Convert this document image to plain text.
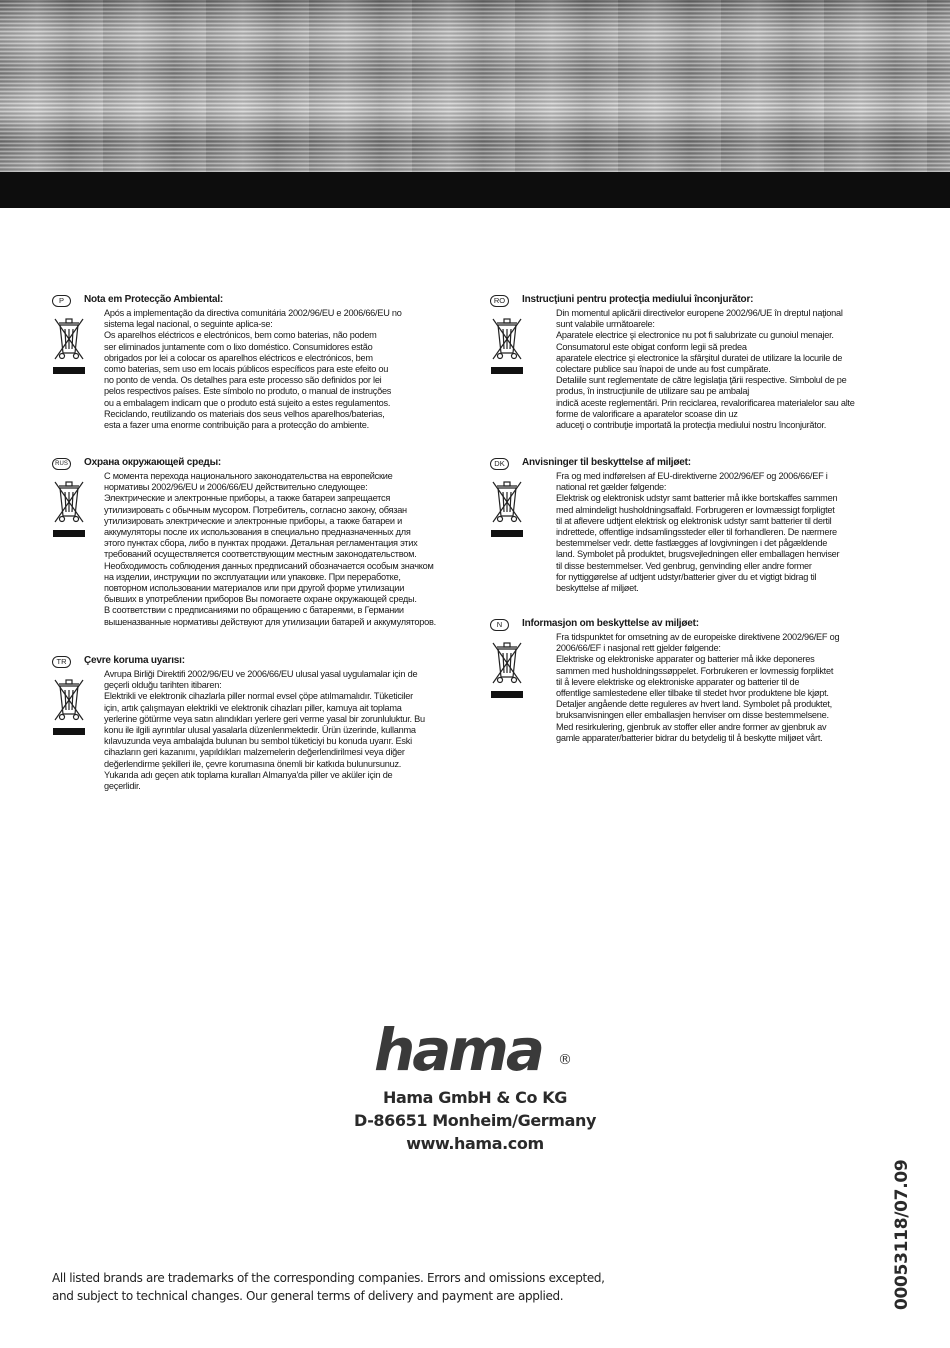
P	Nota em Protecção Ambiental:
Após a implementação da directiva comunitária 2002/96/EU e 2006/66/EU no
sistema legal nacional, o seguinte aplica-se:
Os aparelhos eléctricos e electrónicos, bem como baterias, não podem
ser eliminados juntamente com o lixo doméstico. Consumidores estão
obrigados por lei a colocar os aparelhos eléctricos e electrónicos, bem
como baterias, sem uso em locais públicos específicos para este efeito ou
no ponto de venda. Os detalhes para este processo são definidos por lei
pelos respectivos países. Este símbolo no produto, o manual de instruções
ou a embalagem indicam que o produto está sujeito a estes regulamentos.
Reciclando, reutilizando os materiais dos seus velhos aparelhos/baterias,
esta a fazer uma enorme contribuição para a protecção do ambiente.
RUS	Охрана окружающей среды:
С момента перехода национального законодательства на европейские
нормативы 2002/96/EU и 2006/66/EU действительно следующее:
Электрические и электронные приборы, а также батареи запрещается
утилизировать с обычным мусором. Потребитель, согласно закону, обязан
утилизировать электрические и электронные приборы, а также батареи и
аккумуляторы после их использования в специально предназначенных для
этого пунктах сбора, либо в пунктах продажи. Детальная регламентация этих
требований осуществляется соответствующим местным законодательством.
Необходимость соблюдения данных предписаний обозначается особым значком
на изделии, инструкции по эксплуатации или упаковке. При переработке,
повторном использовании материалов или при другой форме утилизации
бывших в употреблении приборов Вы помогаете охране окружающей среды.
В соответствии с предписаниями по обращению с батареями, в Германии
вышеназванные нормативы действуют для утилизации батарей и аккумуляторов.
TR	Çevre koruma uyarısı:
Avrupa Birliği Direktifi 2002/96/EU ve 2006/66/EU ulusal yasal uygulamalar için de
geçerli olduğu tarihten itibaren:
Elektrikli ve elektronik cihazlarla piller normal evsel çöpe atılmamalıdır. Tüketiciler
için, artık çalışmayan elektrikli ve elektronik cihazları piller, kamuya ait toplama
yerlerine götürme veya satın alındıkları yerlere geri verme yasal bir zorunluluktur. Bu
konu ile ilgili ayrıntılar ulusal yasalarla düzenlenmektedir. Ürün üzerinde, kullanma
kılavuzunda veya ambalajda bulunan bu sembol tüketiciyi bu konuda uyarır. Eski
cihazların geri kazanımı, yapıldıkları malzemelerin değerlendirilmesi veya diğer
değerlendirme şekilleri ile, çevre korumasına önemli bir katkıda bulunursunuz.
Yukarıda adı geçen atık toplama kuralları Almanya'da piller ve aküler için de
geçerlidir.
RO	Instrucţiuni pentru protecţia mediului înconjurător:
Din momentul aplicării directivelor europene 2002/96/UE în dreptul naţional
sunt valabile următoarele:
Aparatele electrice şi electronice nu pot fi salubrizate cu gunoiul menajer.
Consumatorul este obigat conform legii să predea
aparatele electrice şi electronice la sfârşitul duratei de utilizare la locurile de
colectare publice sau înapoi de unde au fost cumpărate.
Detaliile sunt reglementate de către legislaţia ţării respective. Simbolul de pe
produs, în instrucţiunile de utilizare sau pe ambalaj
indică aceste reglementări. Prin reciclarea, revalorificarea materialelor sau alte
forme de valorificare a aparatelor scoase din uz
aduceţi o contribuţie importată la protecţia mediului nostru înconjurător.
DK	Anvisninger til beskyttelse af miljøet:
Fra og med indførelsen af EU-direktiverne 2002/96/EF og 2006/66/EF i
national ret gælder følgende:
Elektrisk og elektronisk udstyr samt batterier må ikke bortskaffes sammen
med almindeligt husholdningsaffald. Forbrugeren er lovmæssigt forpligtet
til at aflevere udtjent elektrisk og elektronisk udstyr samt batterier til dertil
indrettede, offentlige indsamlingssteder eller til forhandleren. De nærmere
bestemmelser vedr. dette fastlægges af lovgivningen i det pågældende
land. Symbolet på produktet, brugsvejledningen eller emballagen henviser
til disse bestemmelser. Ved genbrug, genvinding eller andre former
for nyttiggørelse af udtjent udstyr/batterier giver du et vigtigt bidrag til
beskyttelse af miljøet.
N	Informasjon om beskyttelse av miljøet:
Fra tidspunktet for omsetning av de europeiske direktivene 2002/96/EF og
2006/66/EF i nasjonal rett gjelder følgende:
Elektriske og elektroniske apparater og batterier må ikke deponeres
sammen med husholdningssøppelet. Forbrukeren er lovmessig forpliktet
til å levere elektriske og elektroniske apparater og batterier til de
offentlige samlestedene eller tilbake til stedet hvor produktene ble kjøpt.
Detaljer angående dette reguleres av hvert land. Symbolet på produktet,
bruksanvisningen eller emballasjen henviser om disse bestemmelsene.
Med resirkulering, gjenbruk av stoffer eller andre former av gjenbruk av
gamle apparater/batterier bidrar du betydelig til å beskytte miljøet vårt.
hama ®
Hama GmbH & Co KG
D-86651 Monheim/Germany
www.hama.com
00053118/07.09
All listed brands are trademarks of the corresponding companies. Errors and omissions excepted,
and subject to technical changes. Our general terms of delivery and payment are applied.
